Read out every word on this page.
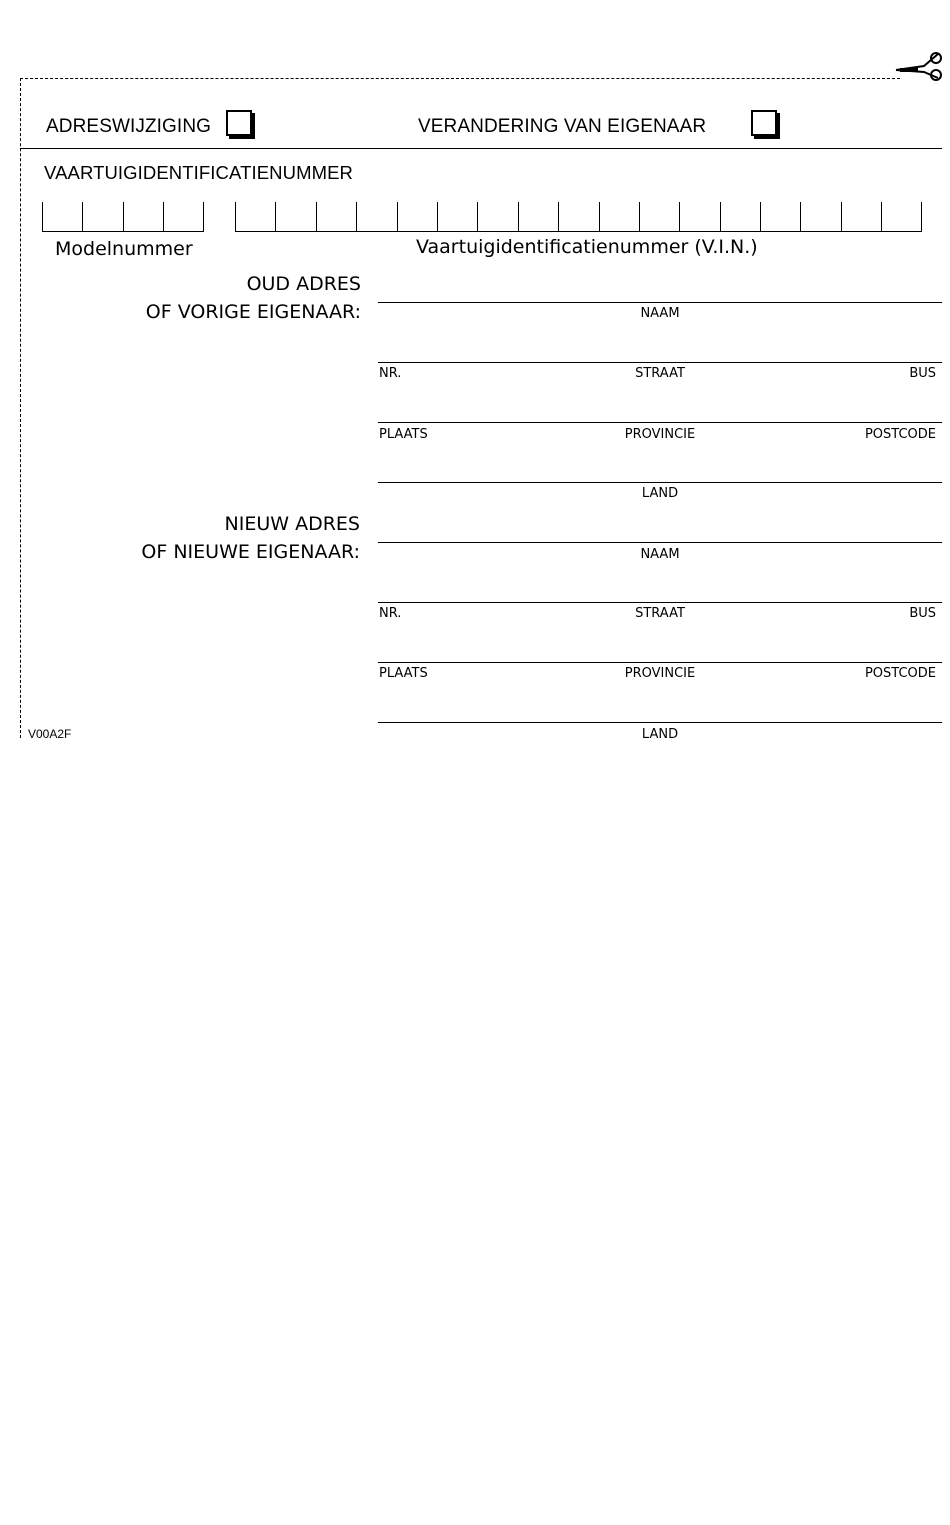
ADRESWIJZIGING	VERANDERING VAN EIGENAAR
VAARTUIGIDENTIFICATIENUMMER
Modelnummer	Vaartuigidentificatienummer (V.I.N.)
OUD ADRES
OF VORIGE EIGENAAR:	NAAM
NR.	STRAAT	BUS
PLAATS	PROVINCIE	POSTCODE
LAND
NIEUW ADRES
OF NIEUWE EIGENAAR:	NAAM
NR.	STRAAT	BUS
PLAATS	PROVINCIE	POSTCODE
LAND
V00A2F
